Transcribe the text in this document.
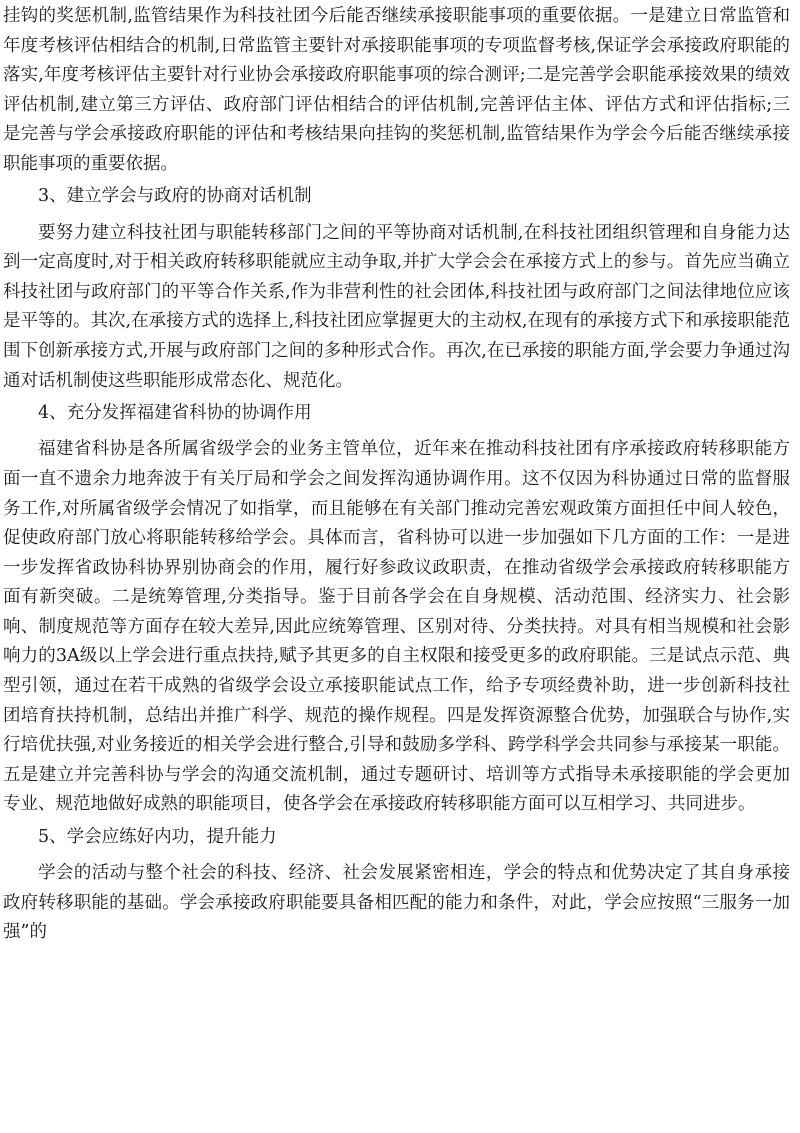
挂钩的奖惩机制,监管结果作为科技社团今后能否继续承接职能事项的重要依据。一是建立日常监管和年度考核评估相结合的机制,日常监管主要针对承接职能事项的专项监督考核,保证学会承接政府职能的落实,年度考核评估主要针对行业协会承接政府职能事项的综合测评;二是完善学会职能承接效果的绩效评估机制,建立第三方评估、政府部门评估相结合的评估机制,完善评估主体、评估方式和评估指标;三是完善与学会承接政府职能的评估和考核结果向挂钩的奖惩机制,监管结果作为学会今后能否继续承接职能事项的重要依据。

3、建立学会与政府的协商对话机制

要努力建立科技社团与职能转移部门之间的平等协商对话机制,在科技社团组织管理和自身能力达到一定高度时,对于相关政府转移职能就应主动争取,并扩大学会会在承接方式上的参与。首先应当确立科技社团与政府部门的平等合作关系,作为非营利性的社会团体,科技社团与政府部门之间法律地位应该是平等的。其次,在承接方式的选择上,科技社团应掌握更大的主动权,在现有的承接方式下和承接职能范围下创新承接方式,开展与政府部门之间的多种形式合作。再次,在已承接的职能方面,学会要力争通过沟通对话机制使这些职能形成常态化、规范化。

4、充分发挥福建省科协的协调作用

福建省科协是各所属省级学会的业务主管单位，近年来在推动科技社团有序承接政府转移职能方面一直不遗余力地奔波于有关厅局和学会之间发挥沟通协调作用。这不仅因为科协通过日常的监督服务工作,对所属省级学会情况了如指掌，而且能够在有关部门推动完善宏观政策方面担任中间人较色，促使政府部门放心将职能转移给学会。具体而言，省科协可以进一步加强如下几方面的工作：一是进一步发挥省政协科协界别协商会的作用，履行好参政议政职责，在推动省级学会承接政府转移职能方面有新突破。二是统筹管理,分类指导。鉴于目前各学会在自身规模、活动范围、经济实力、社会影响、制度规范等方面存在较大差异,因此应统筹管理、区别对待、分类扶持。对具有相当规模和社会影响力的3A级以上学会进行重点扶持,赋予其更多的自主权限和接受更多的政府职能。三是试点示范、典型引领，通过在若干成熟的省级学会设立承接职能试点工作，给予专项经费补助，进一步创新科技社团培育扶持机制，总结出并推广科学、规范的操作规程。四是发挥资源整合优势，加强联合与协作,实行培优扶强,对业务接近的相关学会进行整合,引导和鼓励多学科、跨学科学会共同参与承接某一职能。五是建立并完善科协与学会的沟通交流机制，通过专题研讨、培训等方式指导未承接职能的学会更加专业、规范地做好成熟的职能项目，使各学会在承接政府转移职能方面可以互相学习、共同进步。

5、学会应练好内功，提升能力

学会的活动与整个社会的科技、经济、社会发展紧密相连，学会的特点和优势决定了其自身承接政府转移职能的基础。学会承接政府职能要具备相匹配的能力和条件，对此，学会应按照“三服务一加强”的
